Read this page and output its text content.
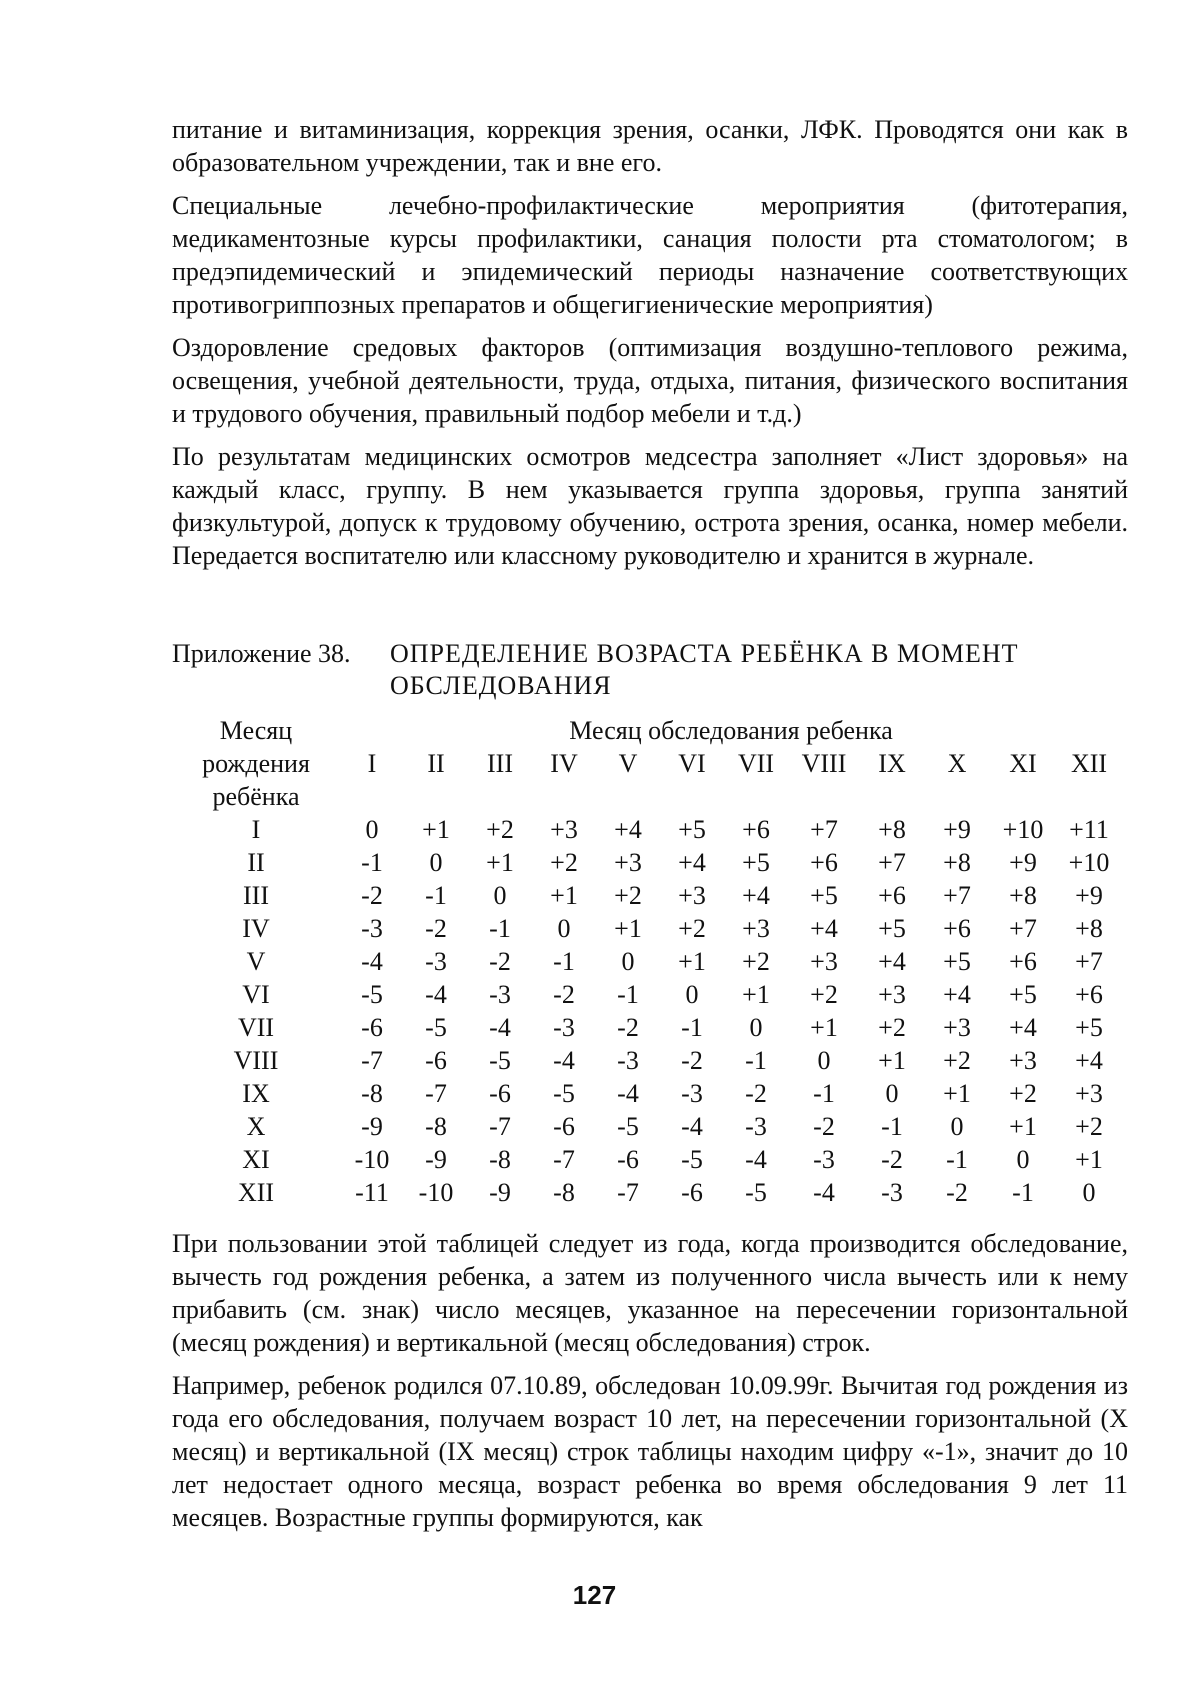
питание и витаминизация, коррекция зрения, осанки, ЛФК. Проводятся они как в образовательном учреждении, так и вне его.

Специальные лечебно-профилактические мероприятия (фитотерапия, медикаментозные курсы профилактики, санация полости рта стоматологом; в предэпидемический и эпидемический периоды назначение соответствующих противогриппозных препаратов и общегигиенические мероприятия)

Оздоровление средовых факторов (оптимизация воздушно-теплового режима, освещения, учебной деятельности, труда, отдыха, питания, физического воспитания и трудового обучения, правильный подбор мебели и т.д.)

По результатам медицинских осмотров медсестра заполняет «Лист здоровья» на каждый класс, группу. В нем указывается группа здоровья, группа занятий физкультурой, допуск к трудовому обучению, острота зрения, осанка, номер мебели. Передается воспитателю или классному руководителю и хранится в журнале.

Приложение 38. ОПРЕДЕЛЕНИЕ ВОЗРАСТА РЕБЁНКА В МОМЕНТ ОБСЛЕДОВАНИЯ
Месяц	Месяц обследования ребенка											
рождения	I	II	III	IV	V	VI	VII	VIII	IX	X	XI	XII
ребёнка												
I	0	+1	+2	+3	+4	+5	+6	+7	+8	+9	+10	+11
II	-1	0	+1	+2	+3	+4	+5	+6	+7	+8	+9	+10
III	-2	-1	0	+1	+2	+3	+4	+5	+6	+7	+8	+9
IV	-3	-2	-1	0	+1	+2	+3	+4	+5	+6	+7	+8
V	-4	-3	-2	-1	0	+1	+2	+3	+4	+5	+6	+7
VI	-5	-4	-3	-2	-1	0	+1	+2	+3	+4	+5	+6
VII	-6	-5	-4	-3	-2	-1	0	+1	+2	+3	+4	+5
VIII	-7	-6	-5	-4	-3	-2	-1	0	+1	+2	+3	+4
IX	-8	-7	-6	-5	-4	-3	-2	-1	0	+1	+2	+3
X	-9	-8	-7	-6	-5	-4	-3	-2	-1	0	+1	+2
XI	-10	-9	-8	-7	-6	-5	-4	-3	-2	-1	0	+1
XII	-11	-10	-9	-8	-7	-6	-5	-4	-3	-2	-1	0

При пользовании этой таблицей следует из года, когда производится обследование, вычесть год рождения ребенка, а затем из полученного числа вычесть или к нему прибавить (см. знак) число месяцев, указанное на пересечении горизонтальной (месяц рождения) и вертикальной (месяц обследования) строк.

Например, ребенок родился 07.10.89, обследован 10.09.99г. Вычитая год рождения из года его обследования, получаем возраст 10 лет, на пересечении горизонтальной (X месяц) и вертикальной (IX месяц) строк таблицы находим цифру «-1», значит до 10 лет недостает одного месяца, возраст ребенка во время обследования 9 лет 11 месяцев. Возрастные группы формируются, как

127
